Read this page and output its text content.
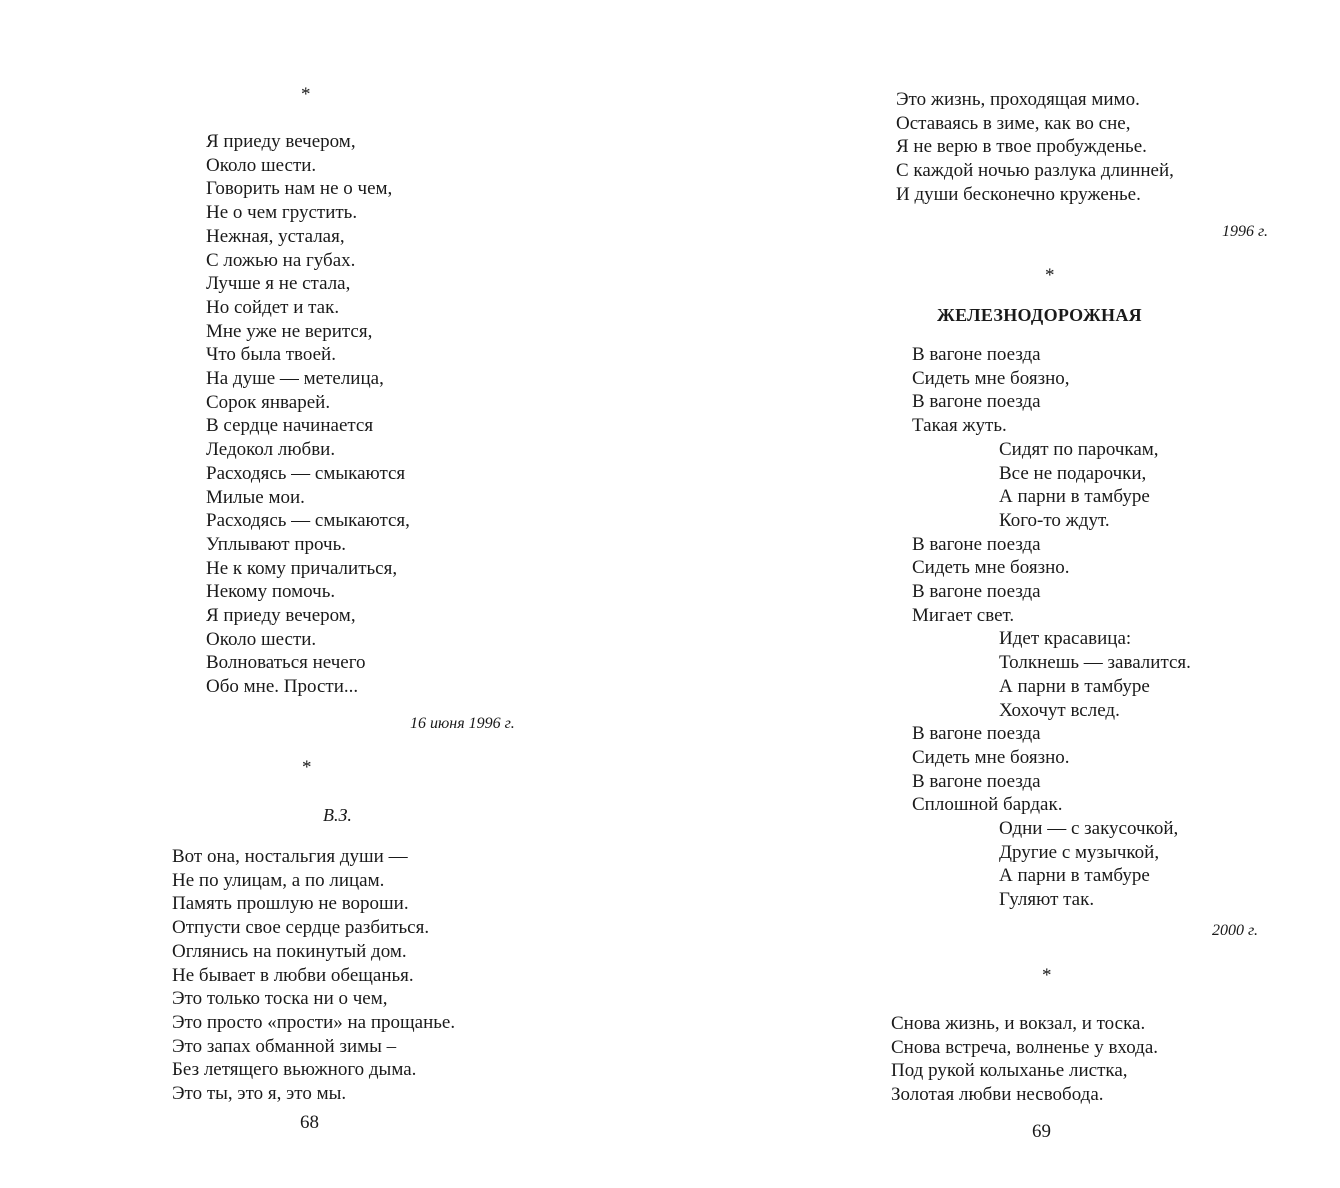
*
Я приеду вечером,
Около шести.
Говорить нам не о чем,
Не о чем грустить.
Нежная, усталая,
С ложью на губах.
Лучше я не стала,
Но сойдет и так.
Мне уже не верится,
Что была твоей.
На душе — метелица,
Сорок январей.
В сердце начинается
Ледокол любви.
Расходясь — смыкаются
Милые мои.
Расходясь — смыкаются,
Уплывают прочь.
Не к кому причалиться,
Некому помочь.
Я приеду вечером,
Около шести.
Волноваться нечего
Обо мне. Прости...
16 июня 1996 г.
*
В.З.
Вот она, ностальгия души —
Не по улицам, а по лицам.
Память прошлую не вороши.
Отпусти свое сердце разбиться.
Оглянись на покинутый дом.
Не бывает в любви обещанья.
Это только тоска ни о чем,
Это просто «прости» на прощанье.
Это запах обманной зимы –
Без летящего вьюжного дыма.
Это ты, это я, это мы.
68
Это жизнь, проходящая мимо.
Оставаясь в зиме, как во сне,
Я не верю в твое пробужденье.
С каждой ночью разлука длинней,
И души бесконечно круженье.
1996 г.
*
ЖЕЛЕЗНОДОРОЖНАЯ
В вагоне поезда
Сидеть мне боязно,
В вагоне поезда
Такая жуть.
Сидят по парочкам,
Все не подарочки,
А парни в тамбуре
Кого-то ждут.
В вагоне поезда
Сидеть мне боязно.
В вагоне поезда
Мигает свет.
Идет красавица:
Толкнешь — завалится.
А парни в тамбуре
Хохочут вслед.
В вагоне поезда
Сидеть мне боязно.
В вагоне поезда
Сплошной бардак.
Одни — с закусочкой,
Другие с музычкой,
А парни в тамбуре
Гуляют так.
2000 г.
*
Снова жизнь, и вокзал, и тоска.
Снова встреча, волненье у входа.
Под рукой колыханье листка,
Золотая любви несвобода.
69
